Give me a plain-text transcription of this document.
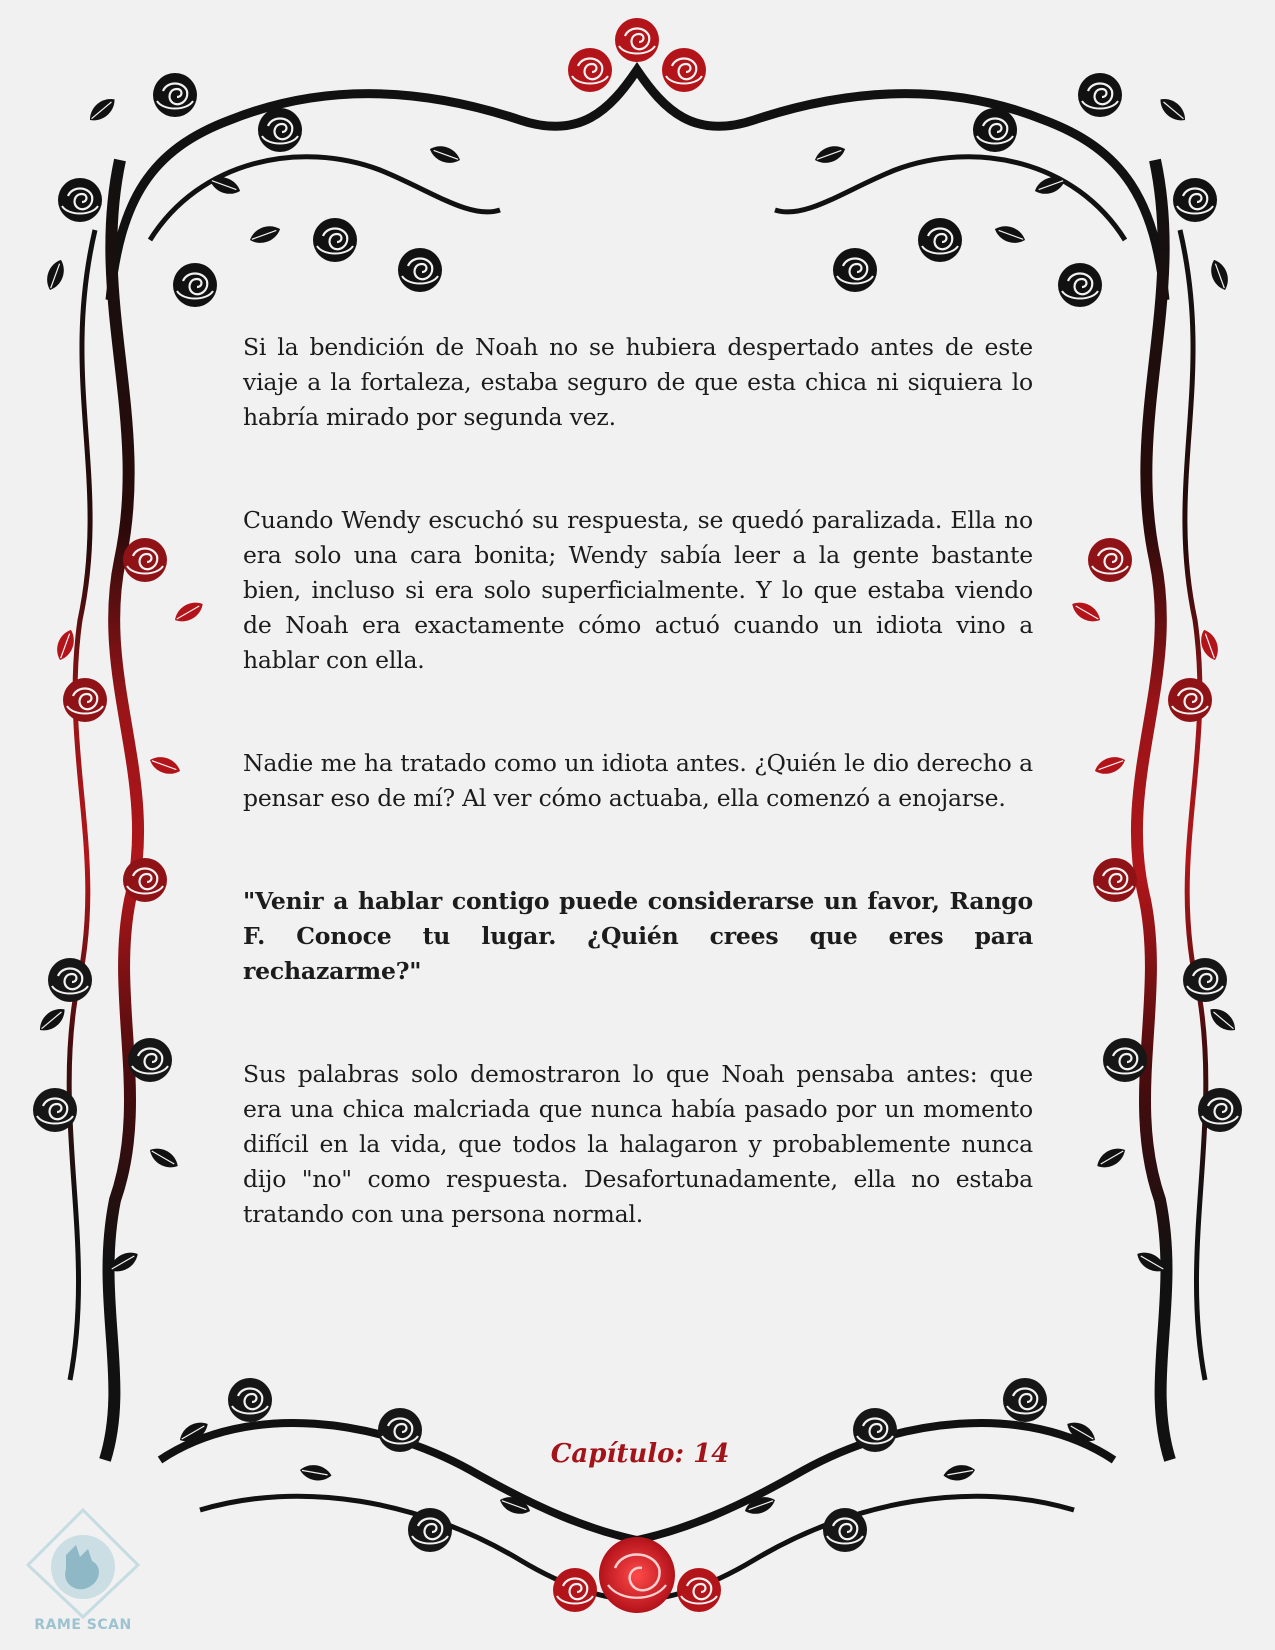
Si la bendición de Noah no se hubiera despertado antes de este viaje a la fortaleza, estaba seguro de que esta chica ni siquiera lo habría mirado por segunda vez.

Cuando Wendy escuchó su respuesta, se quedó paralizada. Ella no era solo una cara bonita; Wendy sabía leer a la gente bastante bien, incluso si era solo superficialmente. Y lo que estaba viendo de Noah era exactamente cómo actuó cuando un idiota vino a hablar con ella.

Nadie me ha tratado como un idiota antes. ¿Quién le dio derecho a pensar eso de mí? Al ver cómo actuaba, ella comenzó a enojarse.

"Venir a hablar contigo puede considerarse un favor, Rango F. Conoce tu lugar. ¿Quién crees que eres para rechazarme?"

Sus palabras solo demostraron lo que Noah pensaba antes: que era una chica malcriada que nunca había pasado por un momento difícil en la vida, que todos la halagaron y probablemente nunca dijo "no" como respuesta. Desafortunadamente, ella no estaba tratando con una persona normal.

Capítulo: 14
RAME SCAN
